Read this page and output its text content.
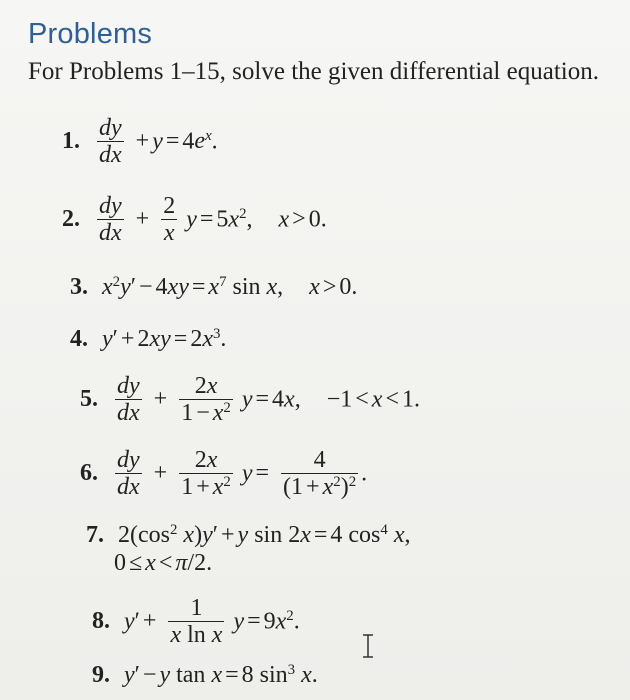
Problems
For Problems 1–15, solve the given differential equation.
1. $\frac{dy}{dx} + y = 4e^x$.
2. $\frac{dy}{dx} + \frac{2}{x}$ $y = 5x^2$, x > 0.
3. $x^2y' - 4xy = x^7$ sin x, x > 0.
4. $y' + 2xy = 2x^3$.
5. $\frac{dy}{dx} + \frac{2x}{1 - x^2}$ y = 4x, −1 < x < 1.
6. $\frac{dy}{dx} + \frac{2x}{1 + x^2}$ $y = \frac{4}{(1 + x^2)^2}$ .
7. $2(\cos^2$ x)y′ + y sin 2x = 4 $\cos^4 x$,
0 ≤ x < π/2.
8. $y' + \frac{1}{\text{x ln x}}$ $y = 9x^2$.
9. y′ − y tan x = 8 $\sin^3 x$.
